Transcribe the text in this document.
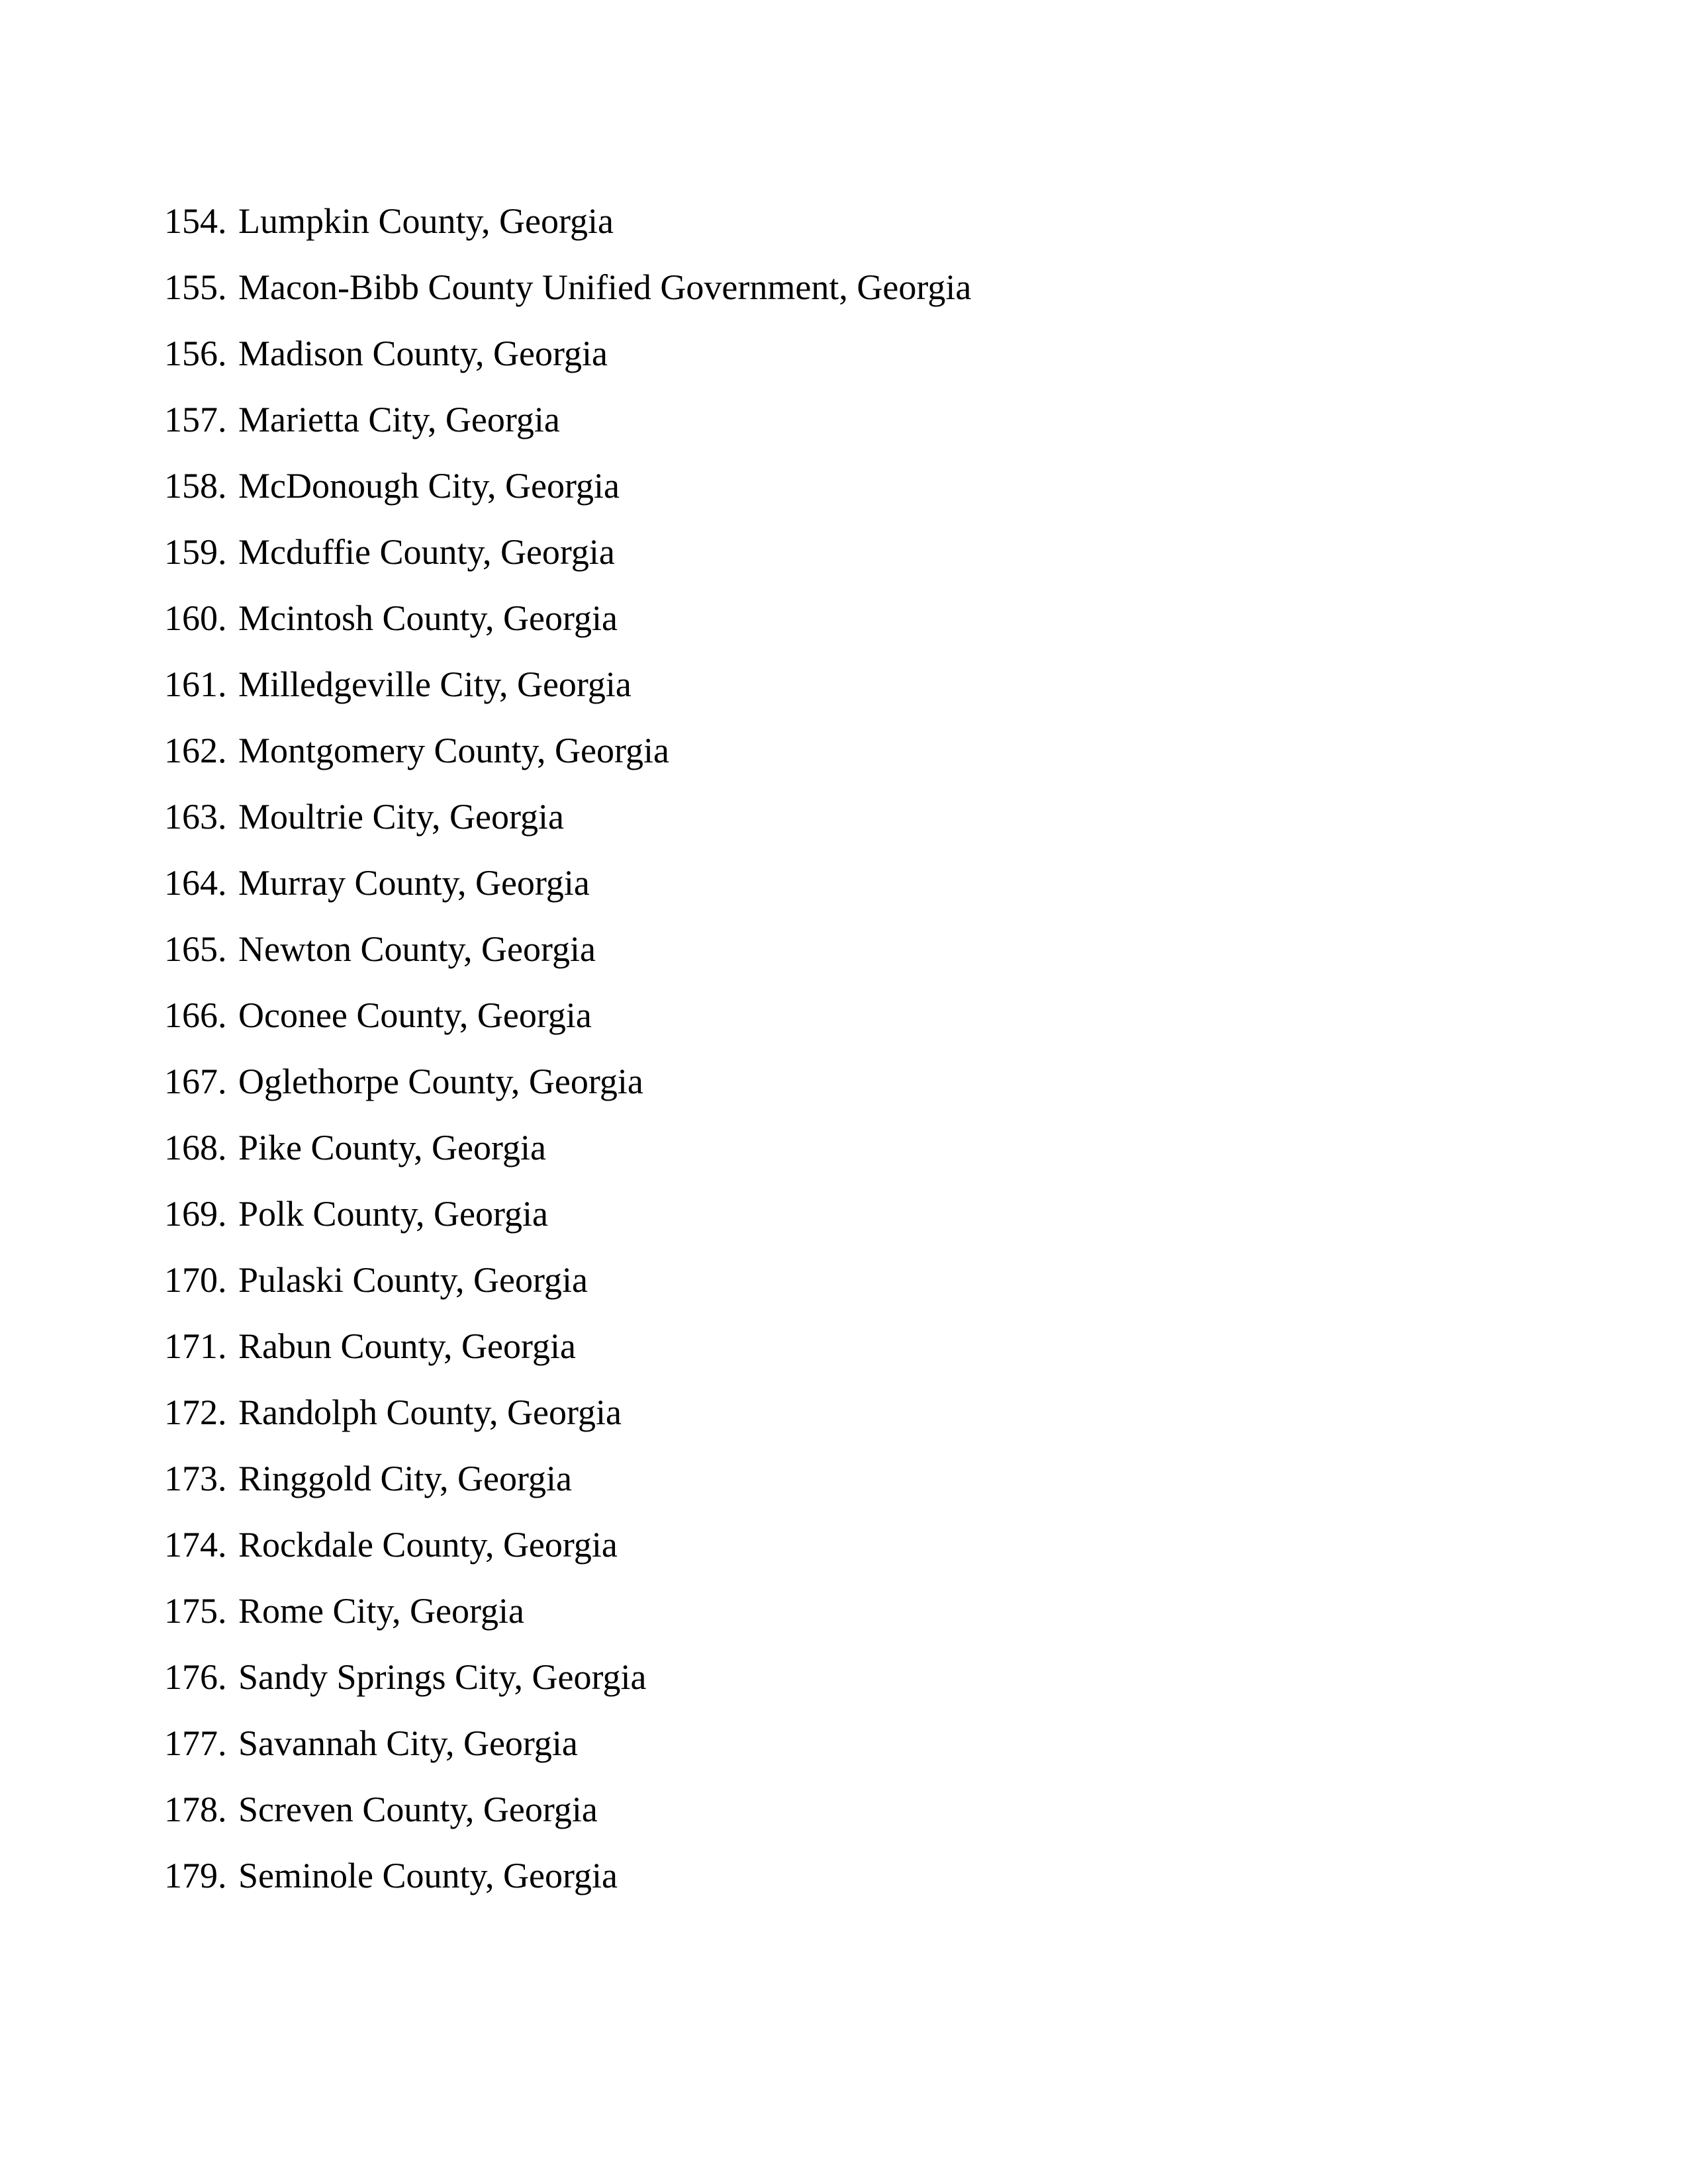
154. Lumpkin County, Georgia
155. Macon-Bibb County Unified Government, Georgia
156. Madison County, Georgia
157. Marietta City, Georgia
158. McDonough City, Georgia
159. Mcduffie County, Georgia
160. Mcintosh County, Georgia
161. Milledgeville City, Georgia
162. Montgomery County, Georgia
163. Moultrie City, Georgia
164. Murray County, Georgia
165. Newton County, Georgia
166. Oconee County, Georgia
167. Oglethorpe County, Georgia
168. Pike County, Georgia
169. Polk County, Georgia
170. Pulaski County, Georgia
171. Rabun County, Georgia
172. Randolph County, Georgia
173. Ringgold City, Georgia
174. Rockdale County, Georgia
175. Rome City, Georgia
176. Sandy Springs City, Georgia
177. Savannah City, Georgia
178. Screven County, Georgia
179. Seminole County, Georgia
